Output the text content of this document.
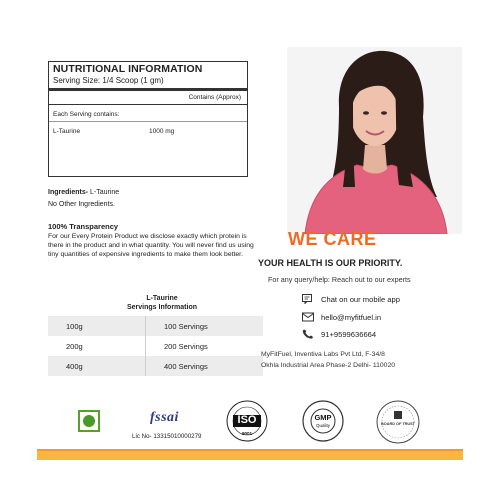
NUTRITIONAL INFORMATION
Serving Size: 1/4 Scoop (1 gm)
Contains (Approx)
Each Serving contains:
L-Taurine	1000 mg
Ingredients- L-Taurine
No Other Ingredients.
100% Transparency
For our Every Protein Product we disclose exactly which protein is there in the product and in what quantity. You will never find us using tiny quantities of expensive ingredients to make them look better.
L-Taurine
Servings Information
100g	100 Servings
200g	200 Servings
400g	400 Servings
WE CARE
YOUR HEALTH IS OUR PRIORITY.
For any query/help: Reach out to our experts
Chat on our mobile app
hello@myfitfuel.in
91+9599636664
MyFitFuel, Inventiva Labs Pvt Ltd, F-34/8
Okhla Industrial Area Phase-2 Delhi- 110020
fssai
Lic No- 13315010000279
ISO
9001
GMP
Quality	BOARD OF TRUST
